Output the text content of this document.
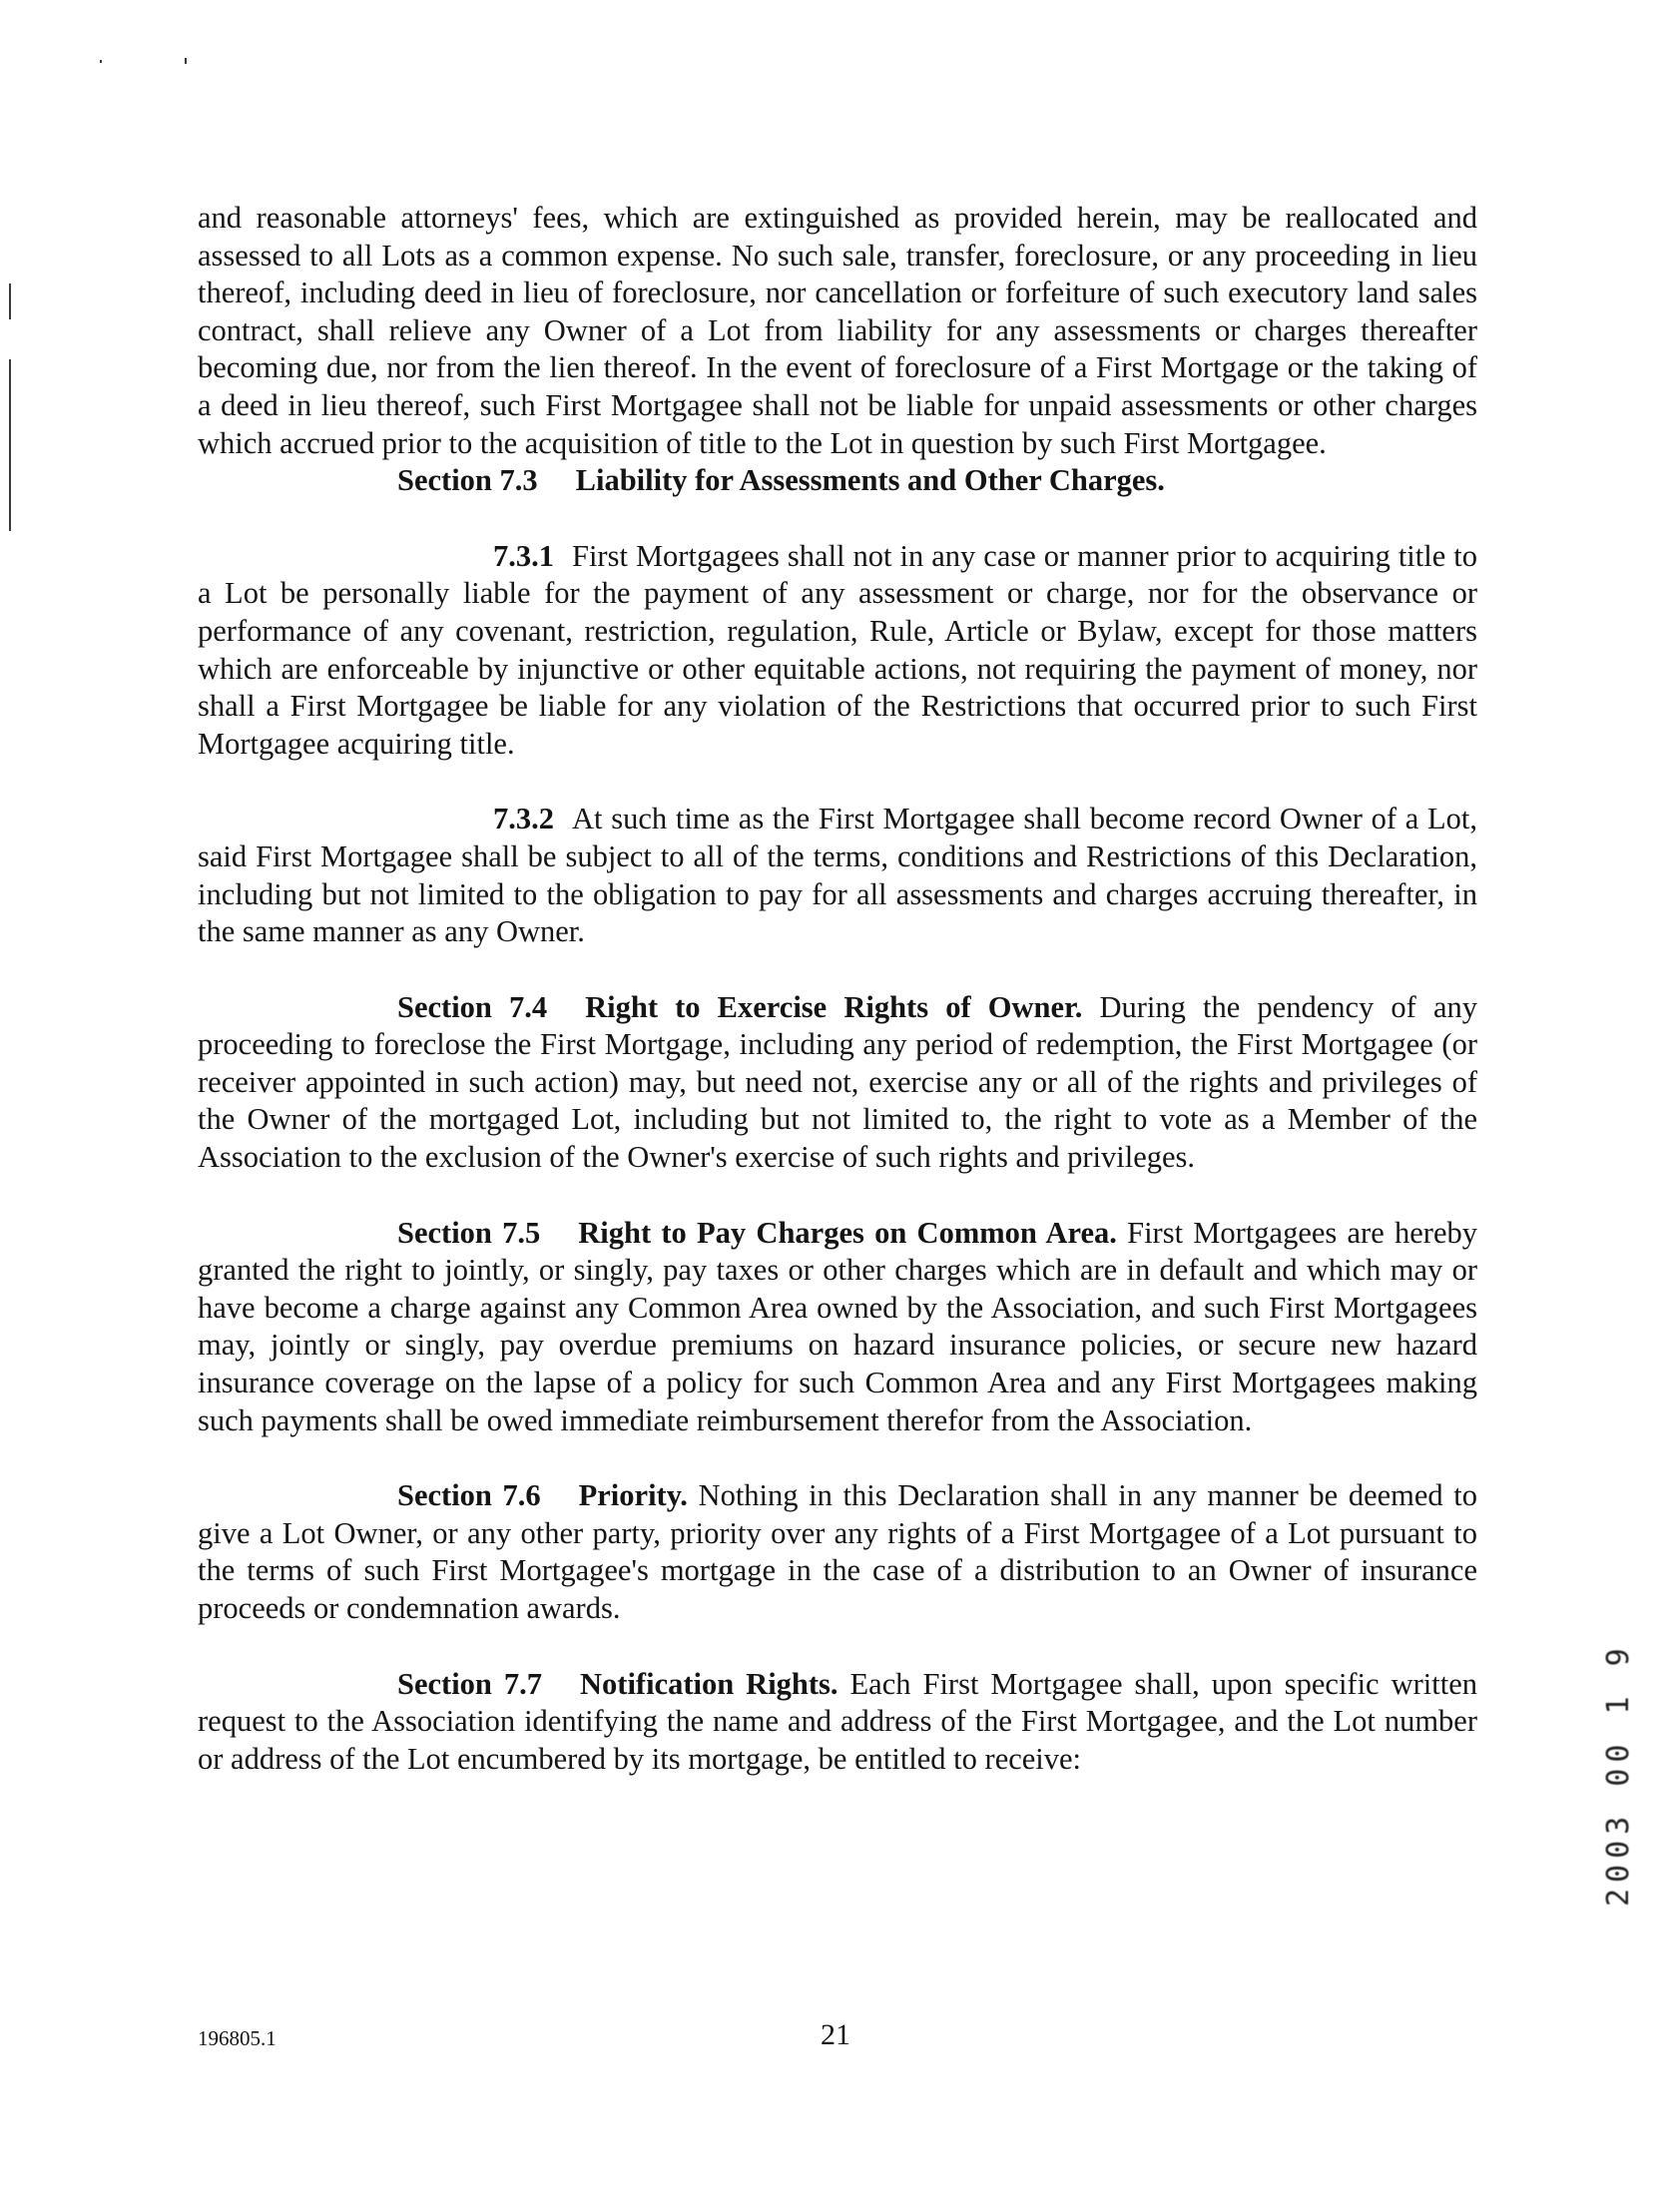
and reasonable attorneys' fees, which are extinguished as provided herein, may be reallocated and assessed to all Lots as a common expense. No such sale, transfer, foreclosure, or any proceeding in lieu thereof, including deed in lieu of foreclosure, nor cancellation or forfeiture of such executory land sales contract, shall relieve any Owner of a Lot from liability for any assessments or charges thereafter becoming due, nor from the lien thereof. In the event of foreclosure of a First Mortgage or the taking of a deed in lieu thereof, such First Mortgagee shall not be liable for unpaid assessments or other charges which accrued prior to the acquisition of title to the Lot in question by such First Mortgagee.

Section 7.3 Liability for Assessments and Other Charges.

7.3.1 First Mortgagees shall not in any case or manner prior to acquiring title to a Lot be personally liable for the payment of any assessment or charge, nor for the observance or performance of any covenant, restriction, regulation, Rule, Article or Bylaw, except for those matters which are enforceable by injunctive or other equitable actions, not requiring the payment of money, nor shall a First Mortgagee be liable for any violation of the Restrictions that occurred prior to such First Mortgagee acquiring title.

7.3.2 At such time as the First Mortgagee shall become record Owner of a Lot, said First Mortgagee shall be subject to all of the terms, conditions and Restrictions of this Declaration, including but not limited to the obligation to pay for all assessments and charges accruing thereafter, in the same manner as any Owner.

Section 7.4 Right to Exercise Rights of Owner. During the pendency of any proceeding to foreclose the First Mortgage, including any period of redemption, the First Mortgagee (or receiver appointed in such action) may, but need not, exercise any or all of the rights and privileges of the Owner of the mortgaged Lot, including but not limited to, the right to vote as a Member of the Association to the exclusion of the Owner's exercise of such rights and privileges.

Section 7.5 Right to Pay Charges on Common Area. First Mortgagees are hereby granted the right to jointly, or singly, pay taxes or other charges which are in default and which may or have become a charge against any Common Area owned by the Association, and such First Mortgagees may, jointly or singly, pay overdue premiums on hazard insurance policies, or secure new hazard insurance coverage on the lapse of a policy for such Common Area and any First Mortgagees making such payments shall be owed immediate reimbursement therefor from the Association.

Section 7.6 Priority. Nothing in this Declaration shall in any manner be deemed to give a Lot Owner, or any other party, priority over any rights of a First Mortgagee of a Lot pursuant to the terms of such First Mortgagee's mortgage in the case of a distribution to an Owner of insurance proceeds or condemnation awards.

Section 7.7 Notification Rights. Each First Mortgagee shall, upon specific written request to the Association identifying the name and address of the First Mortgagee, and the Lot number or address of the Lot encumbered by its mortgage, be entitled to receive:	2003 00 1 9
196805.1	21
